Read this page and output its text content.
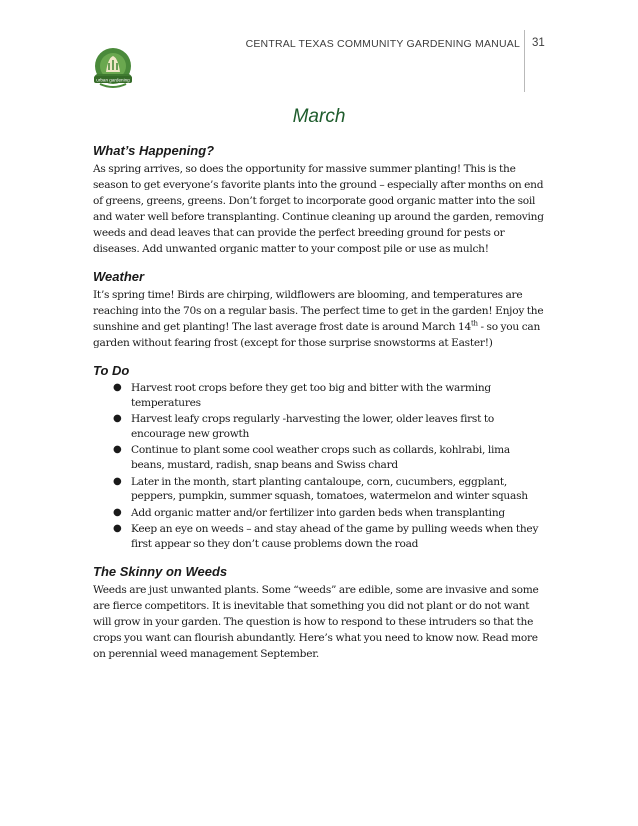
CENTRAL TEXAS COMMUNITY GARDENING MANUAL 31
urban gardening
March
What’s Happening?

As spring arrives, so does the opportunity for massive summer planting! This is the season to get everyone’s favorite plants into the ground – especially after months on end of greens, greens, greens. Don’t forget to incorporate good organic matter into the soil and water well before transplanting. Continue cleaning up around the garden, removing weeds and dead leaves that can provide the perfect breeding ground for pests or diseases. Add unwanted organic matter to your compost pile or use as mulch!

Weather

It’s spring time! Birds are chirping, wildflowers are blooming, and temperatures are reaching into the 70s on a regular basis. The perfect time to get in the garden! Enjoy the sunshine and get planting! The last average frost date is around March 14th - so you can garden without fearing frost (except for those surprise snowstorms at Easter!)

To Do
● Harvest root crops before they get too big and bitter with the warming temperatures
● Harvest leafy crops regularly -harvesting the lower, older leaves first to encourage new growth
● Continue to plant some cool weather crops such as collards, kohlrabi, lima beans, mustard, radish, snap beans and Swiss chard
● Later in the month, start planting cantaloupe, corn, cucumbers, eggplant, peppers, pumpkin, summer squash, tomatoes, watermelon and winter squash
● Add organic matter and/or fertilizer into garden beds when transplanting
● Keep an eye on weeds – and stay ahead of the game by pulling weeds when they first appear so they don’t cause problems down the road
The Skinny on Weeds

Weeds are just unwanted plants. Some “weeds” are edible, some are invasive and some are fierce competitors. It is inevitable that something you did not plant or do not want will grow in your garden. The question is how to respond to these intruders so that the crops you want can flourish abundantly. Here’s what you need to know now. Read more on perennial weed management September.
